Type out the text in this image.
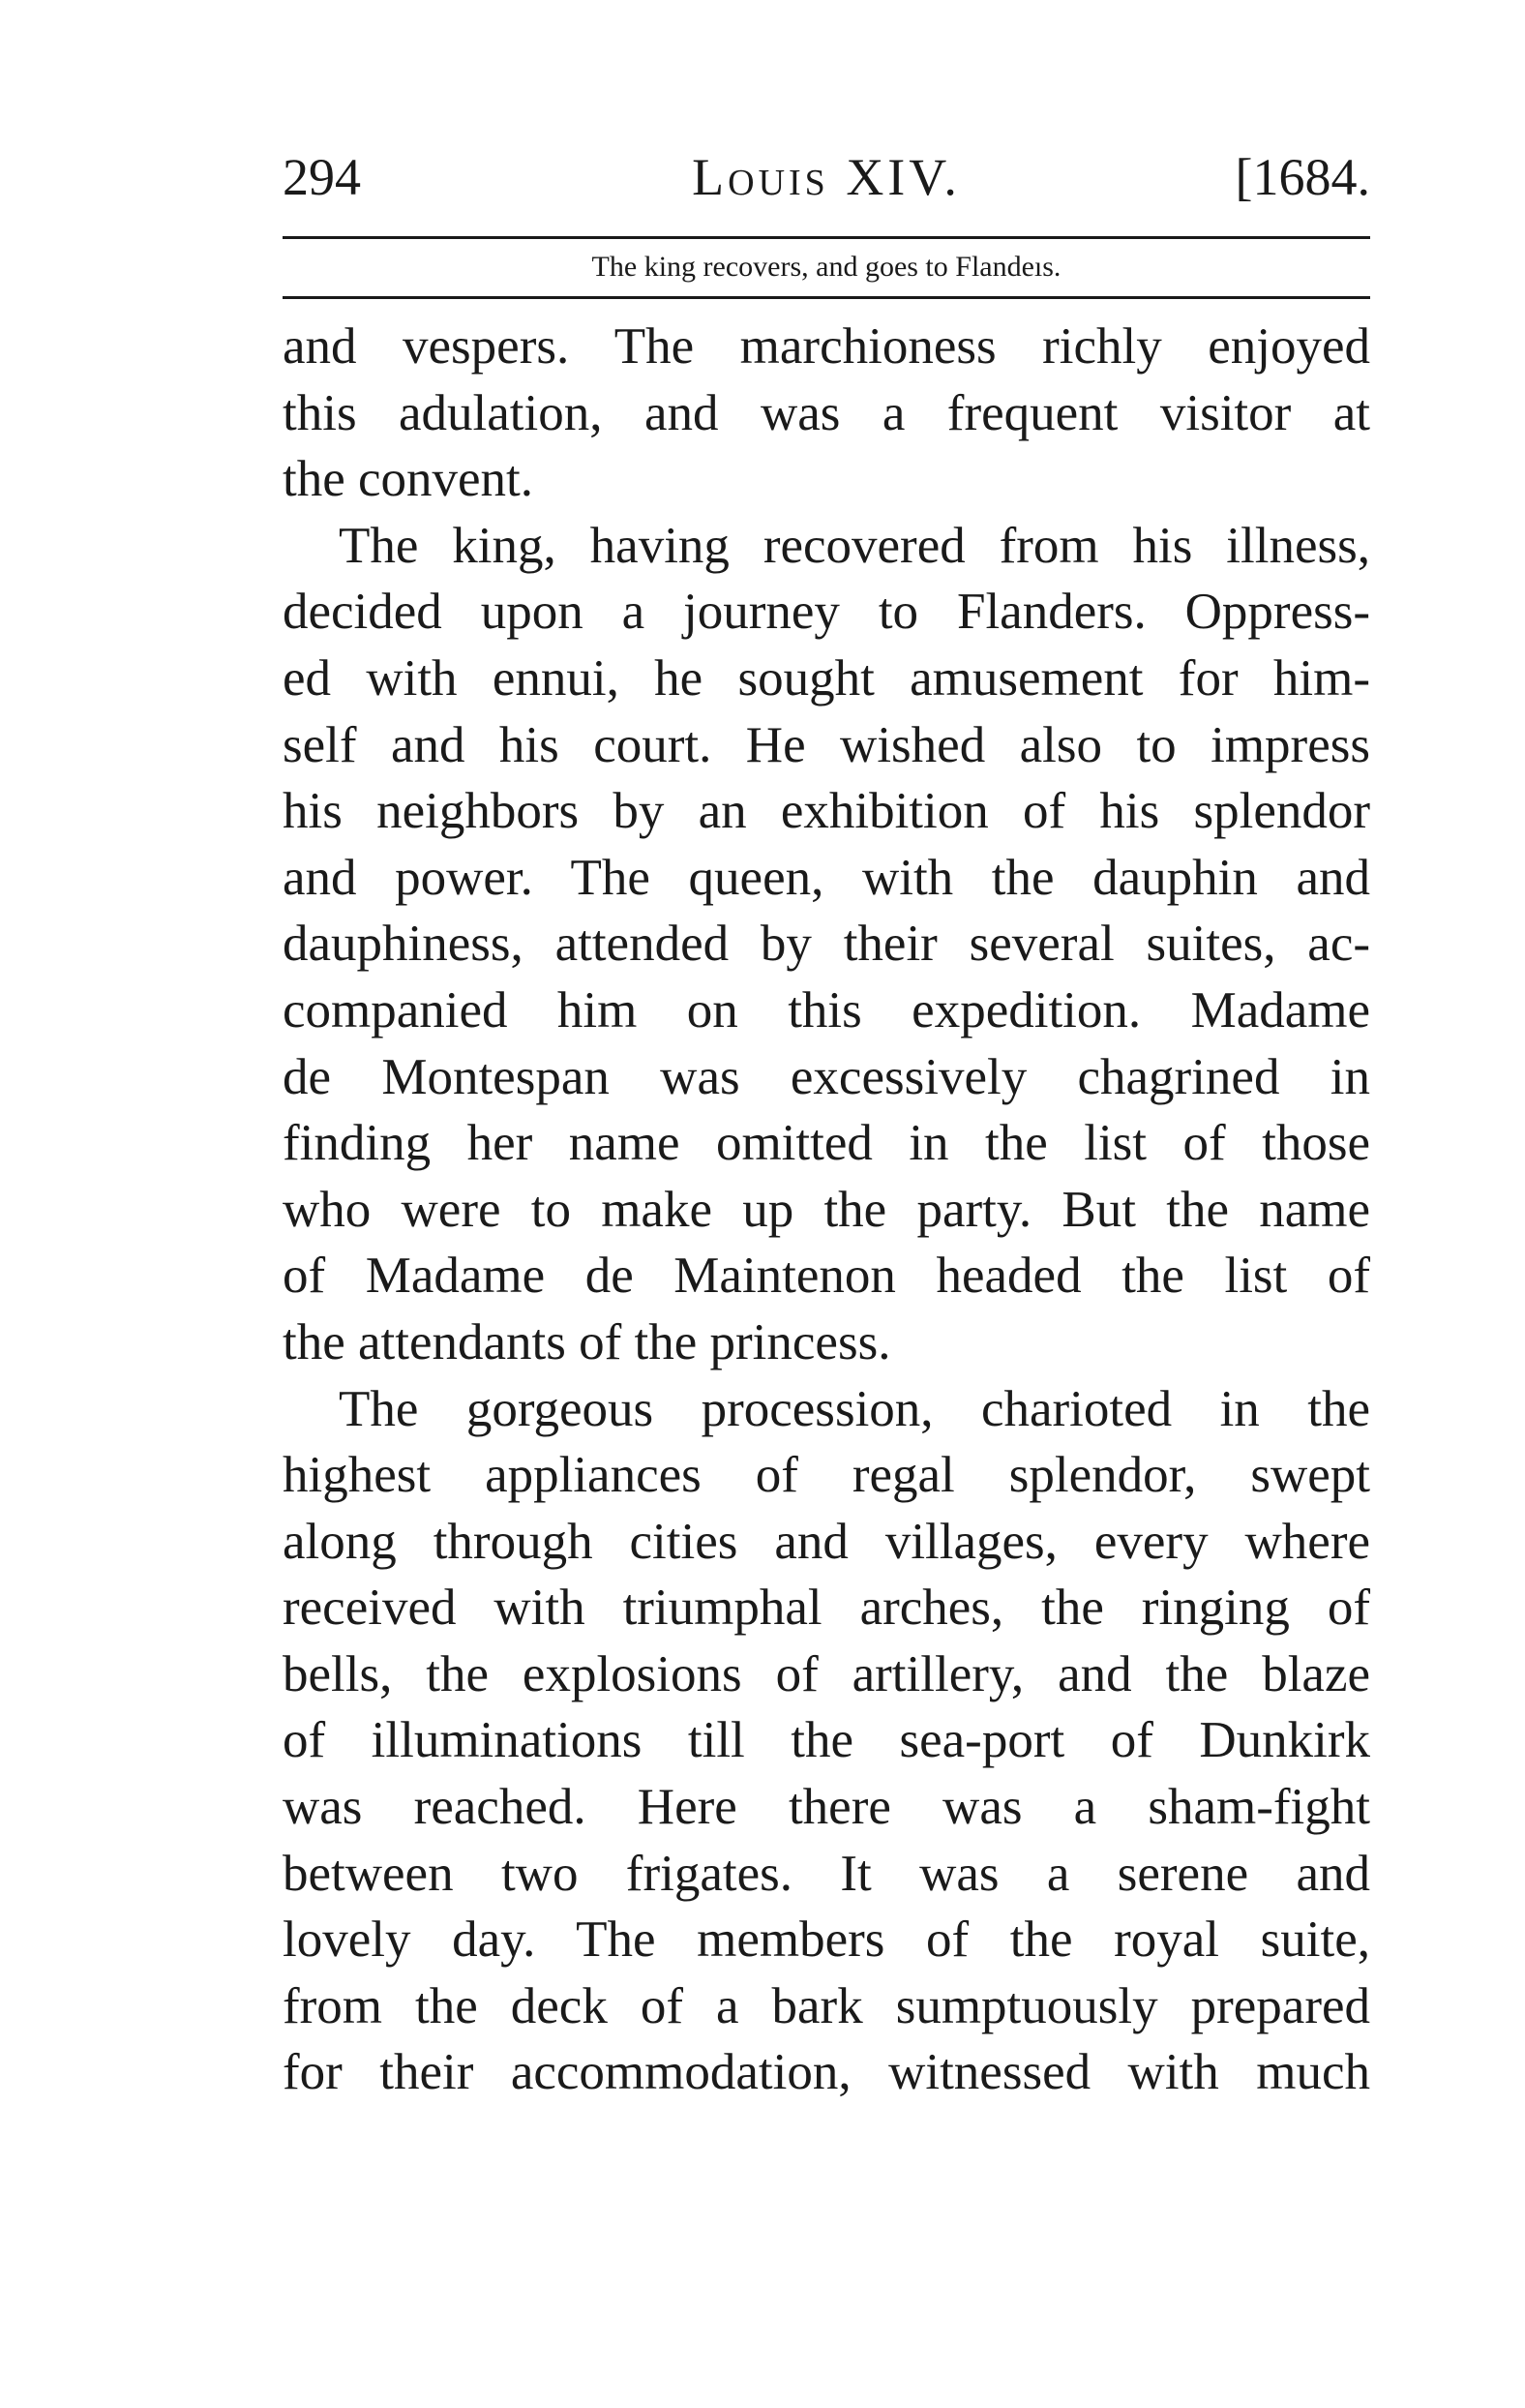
294	Louis XIV.	[1684.
The king recovers, and goes to Flandeıs.
and vespers. The marchioness richly enjoyed
this adulation, and was a frequent visitor at
the convent.
The king, having recovered from his illness,
decided upon a journey to Flanders. Oppress-
ed with ennui, he sought amusement for him-
self and his court. He wished also to impress
his neighbors by an exhibition of his splendor
and power. The queen, with the dauphin and
dauphiness, attended by their several suites, ac-
companied him on this expedition. Madame
de Montespan was excessively chagrined in
finding her name omitted in the list of those
who were to make up the party. But the name
of Madame de Maintenon headed the list of
the attendants of the princess.
The gorgeous procession, charioted in the
highest appliances of regal splendor, swept
along through cities and villages, every where
received with triumphal arches, the ringing of
bells, the explosions of artillery, and the blaze
of illuminations till the sea-port of Dunkirk
was reached. Here there was a sham-fight
between two frigates. It was a serene and
lovely day. The members of the royal suite,
from the deck of a bark sumptuously prepared
for their accommodation, witnessed with much
